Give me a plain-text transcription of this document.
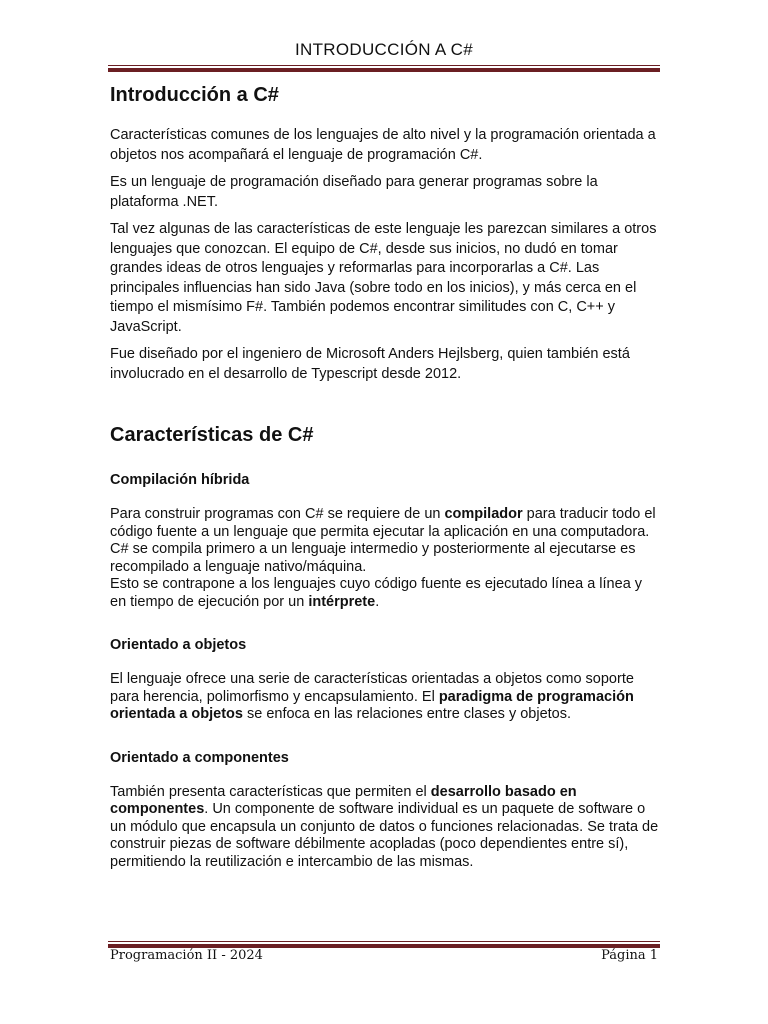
INTRODUCCIÓN A C#
Introducción a C#

Características comunes de los lenguajes de alto nivel y la programación orientada a objetos nos acompañará el lenguaje de programación C#.

Es un lenguaje de programación diseñado para generar programas sobre la plataforma .NET.

Tal vez algunas de las características de este lenguaje les parezcan similares a otros lenguajes que conozcan. El equipo de C#, desde sus inicios, no dudó en tomar grandes ideas de otros lenguajes y reformarlas para incorporarlas a C#. Las principales influencias han sido Java (sobre todo en los inicios), y más cerca en el tiempo el mismísimo F#. También podemos encontrar similitudes con C, C++ y JavaScript.

Fue diseñado por el ingeniero de Microsoft Anders Hejlsberg, quien también está involucrado en el desarrollo de Typescript desde 2012.

Características de C#
Compilación híbrida

Para construir programas con C# se requiere de un compilador para traducir todo el código fuente a un lenguaje que permita ejecutar la aplicación en una computadora. C# se compila primero a un lenguaje intermedio y posteriormente al ejecutarse es recompilado a lenguaje nativo/máquina.
Esto se contrapone a los lenguajes cuyo código fuente es ejecutado línea a línea y en tiempo de ejecución por un intérprete.

Orientado a objetos

El lenguaje ofrece una serie de características orientadas a objetos como soporte para herencia, polimorfismo y encapsulamiento. El paradigma de programación orientada a objetos se enfoca en las relaciones entre clases y objetos.

Orientado a componentes

También presenta características que permiten el desarrollo basado en componentes. Un componente de software individual es un paquete de software o un módulo que encapsula un conjunto de datos o funciones relacionadas. Se trata de construir piezas de software débilmente acopladas (poco dependientes entre sí), permitiendo la reutilización e intercambio de las mismas.

Programación II - 2024	Página 1
